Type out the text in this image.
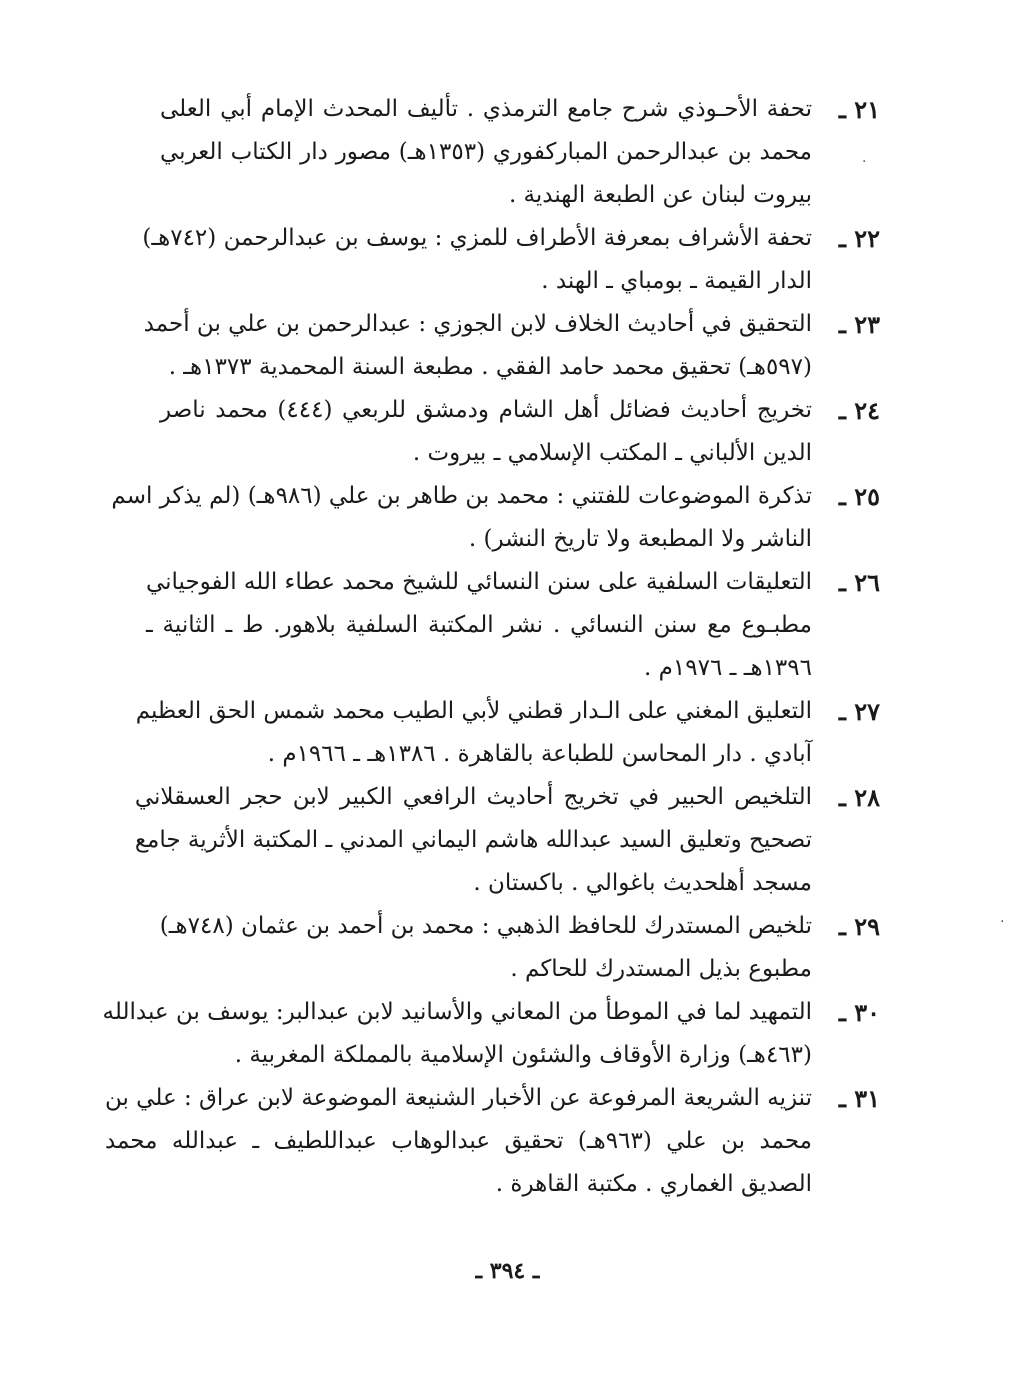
٢١ ـ
تحفة الأحـوذي شرح جامع الترمذي . تأليف المحدث الإمام أبي العلى
محمد بن عبدالرحمن المباركفوري (١٣٥٣هـ) مصور دار الكتاب العربي
بيروت لبنان عن الطبعة الهندية .
٢٢ ـ
تحفة الأشراف بمعرفة الأطراف للمزي : يوسف بن عبدالرحمن (٧٤٢هـ)
الدار القيمة ـ بومباي ـ الهند .
٢٣ ـ
التحقيق في أحاديث الخلاف لابن الجوزي : عبدالرحمن بن علي بن أحمد
(٥٩٧هـ) تحقيق محمد حامد الفقي . مطبعة السنة المحمدية ١٣٧٣هـ .
٢٤ ـ
تخريج أحاديث فضائل أهل الشام ودمشق للربعي (٤٤٤) محمد ناصر
الدين الألباني ـ المكتب الإسلامي ـ بيروت .
٢٥ ـ
تذكرة الموضوعات للفتني : محمد بن طاهر بن علي (٩٨٦هـ) (لم يذكر اسم
الناشر ولا المطبعة ولا تاريخ النشر) .
٢٦ ـ
التعليقات السلفية على سنن النسائي للشيخ محمد عطاء الله الفوجياني
مطبـوع مع سنن النسائي . نشر المكتبة السلفية بلاهور. ط ـ الثانية ـ
١٣٩٦هـ ـ ١٩٧٦م .
٢٧ ـ
التعليق المغني على الـدار قطني لأبي الطيب محمد شمس الحق العظيم
آبادي . دار المحاسن للطباعة بالقاهرة . ١٣٨٦هـ ـ ١٩٦٦م .
٢٨ ـ
التلخيص الحبير في تخريج أحاديث الرافعي الكبير لابن حجر العسقلاني
تصحيح وتعليق السيد عبدالله هاشم اليماني المدني ـ المكتبة الأثرية جامع
مسجد أهلحديث باغوالي . باكستان .
٢٩ ـ
تلخيص المستدرك للحافظ الذهبي : محمد بن أحمد بن عثمان (٧٤٨هـ)
مطبوع بذيل المستدرك للحاكم .
٣٠ ـ
التمهيد لما في الموطأ من المعاني والأسانيد لابن عبدالبر: يوسف بن عبدالله
(٤٦٣هـ) وزارة الأوقاف والشئون الإسلامية بالمملكة المغربية .
٣١ ـ
تنزيه الشريعة المرفوعة عن الأخبار الشنيعة الموضوعة لابن عراق : علي بن
محمد بن علي (٩٦٣هـ) تحقيق عبدالوهاب عبداللطيف ـ عبدالله محمد
الصديق الغماري . مكتبة القاهرة .
.
.
ـ ٣٩٤ ـ
